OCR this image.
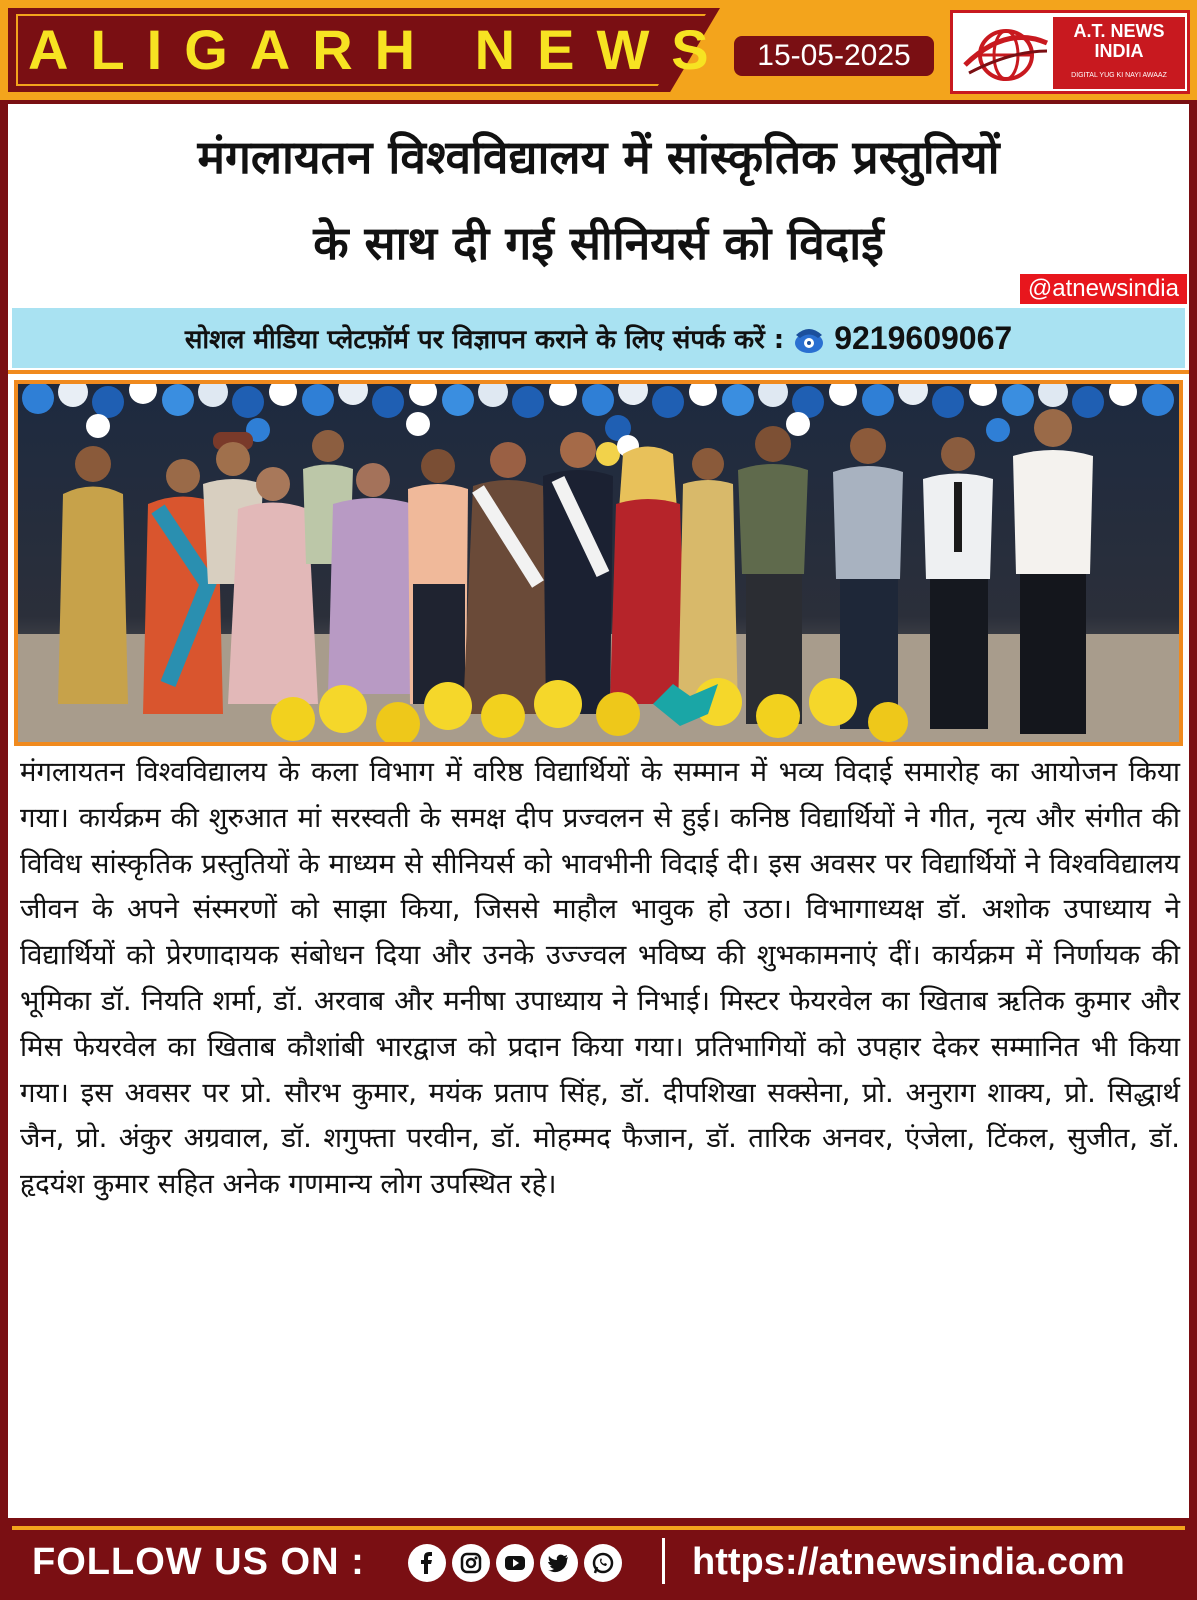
ALIGARH NEWS 15-05-2025
A.T. NEWS
INDIA
DIGITAL YUG KI NAYI AWAAZ
मंगलायतन विश्वविद्यालय में सांस्कृतिक प्रस्तुतियों
के साथ दी गई सीनियर्स को विदाई
@atnewsindia
सोशल मीडिया प्लेटफ़ॉर्म पर विज्ञापन कराने के लिए संपर्क करें : 9219609067
मंगलायतन विश्वविद्यालय के कला विभाग में वरिष्ठ विद्यार्थियों के सम्मान में भव्य विदाई समारोह का आयोजन किया गया। कार्यक्रम की शुरुआत मां सरस्वती के समक्ष दीप प्रज्वलन से हुई। कनिष्ठ विद्यार्थियों ने गीत, नृत्य और संगीत की विविध सांस्कृतिक प्रस्तुतियों के माध्यम से सीनियर्स को भावभीनी विदाई दी। इस अवसर पर विद्यार्थियों ने विश्वविद्यालय जीवन के अपने संस्मरणों को साझा किया, जिससे माहौल भावुक हो उठा। विभागाध्यक्ष डॉ. अशोक उपाध्याय ने विद्यार्थियों को प्रेरणादायक संबोधन दिया और उनके उज्ज्वल भविष्य की शुभकामनाएं दीं। कार्यक्रम में निर्णायक की भूमिका डॉ. नियति शर्मा, डॉ. अरवाब और मनीषा उपाध्याय ने निभाई। मिस्टर फेयरवेल का खिताब ऋतिक कुमार और मिस फेयरवेल का खिताब कौशांबी भारद्वाज को प्रदान किया गया। प्रतिभागियों को उपहार देकर सम्मानित भी किया गया। इस अवसर पर प्रो. सौरभ कुमार, मयंक प्रताप सिंह, डॉ. दीपशिखा सक्सेना, प्रो. अनुराग शाक्य, प्रो. सिद्धार्थ जैन, प्रो. अंकुर अग्रवाल, डॉ. शगुफ्ता परवीन, डॉ. मोहम्मद फैजान, डॉ. तारिक अनवर, एंजेला, टिंकल, सुजीत, डॉ. हृदयंश कुमार सहित अनेक गणमान्य लोग उपस्थित रहे।
FOLLOW US ON :	https://atnewsindia.com
